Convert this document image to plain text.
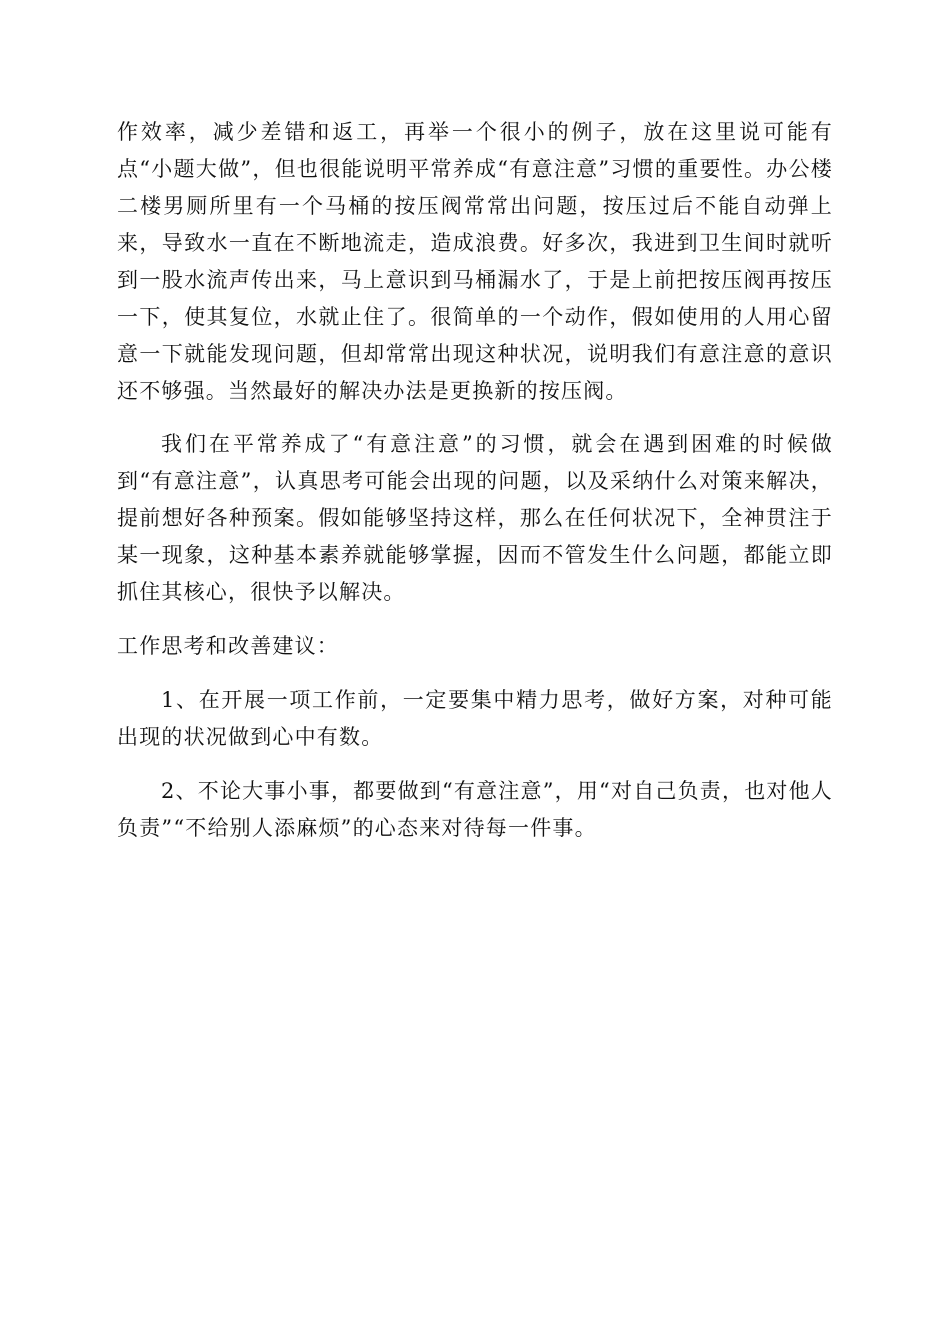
作效率，减少差错和返工，再举一个很小的例子，放在这里说可能有点“小题大做”，但也很能说明平常养成“有意注意”习惯的重要性。办公楼二楼男厕所里有一个马桶的按压阀常常出问题，按压过后不能自动弹上来，导致水一直在不断地流走，造成浪费。好多次，我进到卫生间时就听到一股水流声传出来，马上意识到马桶漏水了，于是上前把按压阀再按压一下，使其复位，水就止住了。很简单的一个动作，假如使用的人用心留意一下就能发现问题，但却常常出现这种状况，说明我们有意注意的意识还不够强。当然最好的解决办法是更换新的按压阀。

我们在平常养成了“有意注意”的习惯，就会在遇到困难的时候做到“有意注意”，认真思考可能会出现的问题，以及采纳什么对策来解决，提前想好各种预案。假如能够坚持这样，那么在任何状况下，全神贯注于某一现象，这种基本素养就能够掌握，因而不管发生什么问题，都能立即抓住其核心，很快予以解决。

工作思考和改善建议：

1、在开展一项工作前，一定要集中精力思考，做好方案，对种可能出现的状况做到心中有数。

2、不论大事小事，都要做到“有意注意”，用“对自己负责，也对他人负责”“不给别人添麻烦”的心态来对待每一件事。
